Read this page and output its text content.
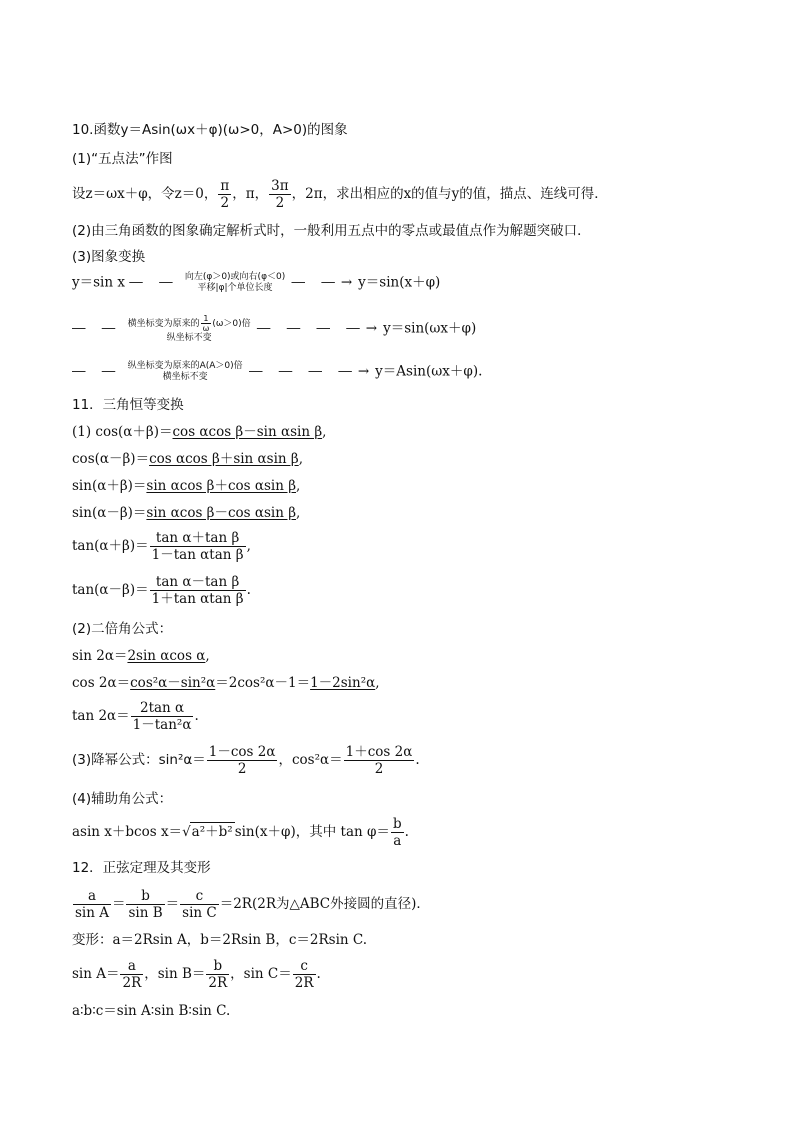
10.函数y＝Asin(ωx＋φ)(ω>0，A>0)的图象
(1)“五点法”作图
设z＝ωx＋φ，令z＝0， $\frac{\pi}{2}$ ，π， $\frac{3\pi}{2}$ ，2π，求出相应的x的值与y的值，描点、连线可得．
(2)由三角函数的图象确定解析式时，一般利用五点中的零点或最值点作为解题突破口．
(3)图象变换
y＝sin x ― ― 向左(φ＞0)或向右(φ＜0)
平移|φ|个单位长度	― ―→y＝sin(x＋φ)
― ― 横坐标变为原来的 $\frac{1}{\omega} (\omega>0)$倍
纵坐标不变
― ― ― ―→y＝sin(ωx＋φ)
― ― 纵坐标变为原来的A(A＞0)倍
横坐标不变	― ― ― ―→y＝Asin(ωx＋φ).
11．三角恒等变换
(1) cos(α＋β)＝cos αcos β－sin αsin β,
cos(α－β)＝cos αcos β＋sin αsin β,
sin(α＋β)＝sin αcos β＋cos αsin β,
sin(α－β)＝sin αcos β－cos αsin β,
$\tan(\alpha+\beta)= \frac{\text{tan α＋tan β}}{\text{1－tan αtan β}}$ ,
$\tan(\alpha-\beta)= \frac{\text{tan α－tan β}}{\text{1＋tan αtan β}}$ .
(2)二倍角公式：
sin 2α＝2sin αcos α,
cos 2α＝cos²α－sin²α＝2cos²α－1＝1－2sin²α,
$\tan 2\alpha= \frac{\text{2tan α}}{\text{1－tan²α}}$ .
(3)降幂公式：$\sin^2\alpha= \frac{1-\cos 2\alpha}{2}$ ，$\cos^2\alpha= \frac{1+\cos 2\alpha}{2}$ .
(4)辅助角公式：
asin x＋bcos x＝√a²＋b² sin(x＋φ)，其中 $\tan \varphi= \frac{b}{a}$ .
12．正弦定理及其变形
$\frac{a}{\text{sin A}} = \frac{b}{\text{sin B}} = \frac{c}{\text{sin C}} =2R(2R$为△ABC外接圆的直径)．
变形：a＝2Rsin A，b＝2Rsin B，c＝2Rsin C.
$\sin A= \frac{a}{2R}$ ，$\sin B= \frac{b}{2R}$ ，$\sin C= \frac{c}{2R}$ .
a∶b∶c＝sin A∶sin B∶sin C.
